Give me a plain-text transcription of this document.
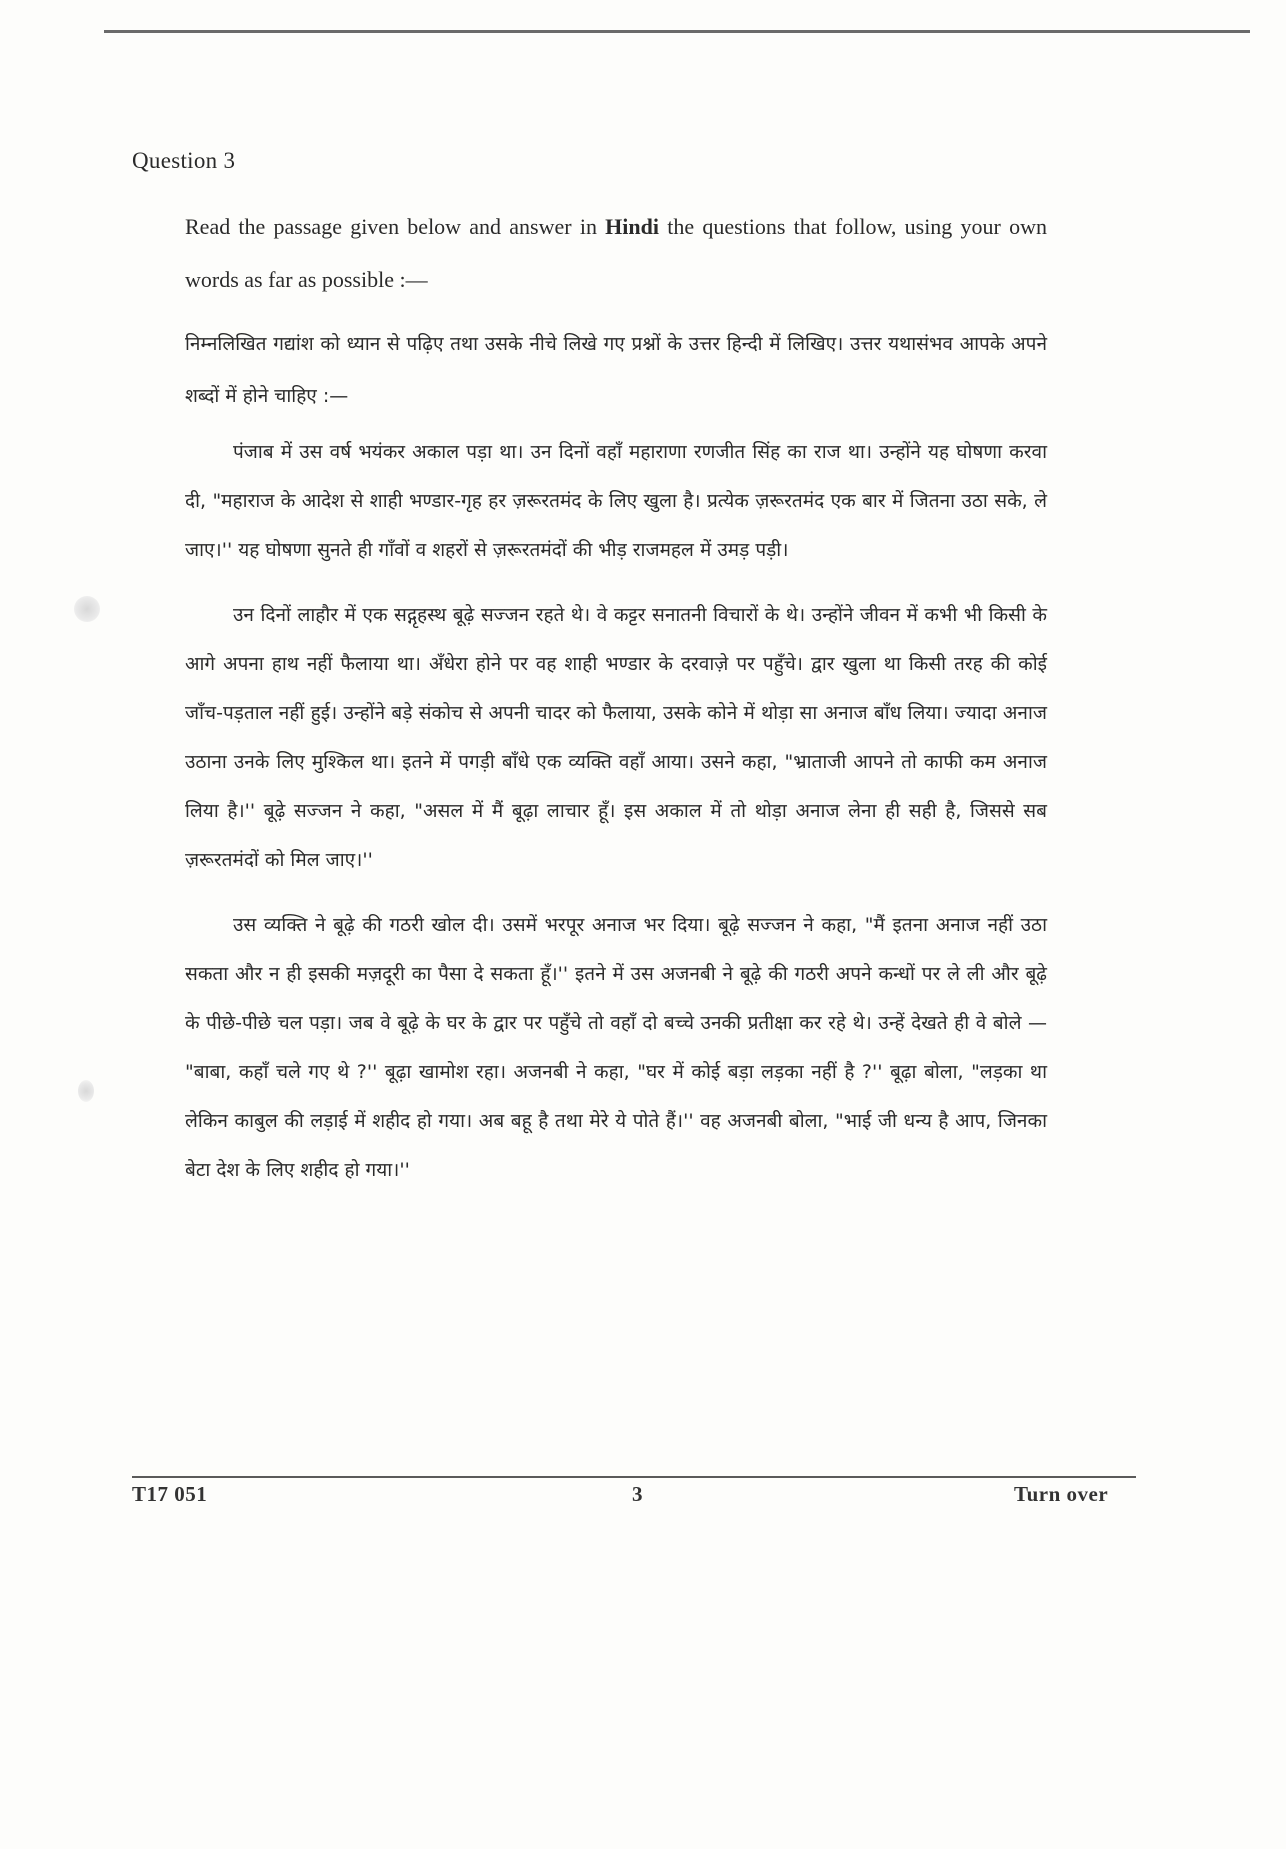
Question 3
Read the passage given below and answer in Hindi the questions that follow, using your own words as far as possible :—
निम्नलिखित गद्यांश को ध्यान से पढ़िए तथा उसके नीचे लिखे गए प्रश्नों के उत्तर हिन्दी में लिखिए। उत्तर यथासंभव आपके अपने शब्दों में होने चाहिए :—

पंजाब में उस वर्ष भयंकर अकाल पड़ा था। उन दिनों वहाँ महाराणा रणजीत सिंह का राज था। उन्होंने यह घोषणा करवा दी, "महाराज के आदेश से शाही भण्डार-गृह हर ज़रूरतमंद के लिए खुला है। प्रत्येक ज़रूरतमंद एक बार में जितना उठा सके, ले जाए।'' यह घोषणा सुनते ही गाँवों व शहरों से ज़रूरतमंदों की भीड़ राजमहल में उमड़ पड़ी।

उन दिनों लाहौर में एक सद्गृहस्थ बूढ़े सज्जन रहते थे। वे कट्टर सनातनी विचारों के थे। उन्होंने जीवन में कभी भी किसी के आगे अपना हाथ नहीं फैलाया था। अँधेरा होने पर वह शाही भण्डार के दरवाज़े पर पहुँचे। द्वार खुला था किसी तरह की कोई जाँच-पड़ताल नहीं हुई। उन्होंने बड़े संकोच से अपनी चादर को फैलाया, उसके कोने में थोड़ा सा अनाज बाँध लिया। ज्यादा अनाज उठाना उनके लिए मुश्किल था। इतने में पगड़ी बाँधे एक व्यक्ति वहाँ आया। उसने कहा, "भ्राताजी आपने तो काफी कम अनाज लिया है।'' बूढ़े सज्जन ने कहा, "असल में मैं बूढ़ा लाचार हूँ। इस अकाल में तो थोड़ा अनाज लेना ही सही है, जिससे सब ज़रूरतमंदों को मिल जाए।''

उस व्यक्ति ने बूढ़े की गठरी खोल दी। उसमें भरपूर अनाज भर दिया। बूढ़े सज्जन ने कहा, "मैं इतना अनाज नहीं उठा सकता और न ही इसकी मज़दूरी का पैसा दे सकता हूँ।'' इतने में उस अजनबी ने बूढ़े की गठरी अपने कन्धों पर ले ली और बूढ़े के पीछे-पीछे चल पड़ा। जब वे बूढ़े के घर के द्वार पर पहुँचे तो वहाँ दो बच्चे उनकी प्रतीक्षा कर रहे थे। उन्हें देखते ही वे बोले — "बाबा, कहाँ चले गए थे ?'' बूढ़ा खामोश रहा। अजनबी ने कहा, "घर में कोई बड़ा लड़का नहीं है ?'' बूढ़ा बोला, "लड़का था लेकिन काबुल की लड़ाई में शहीद हो गया। अब बहू है तथा मेरे ये पोते हैं।'' वह अजनबी बोला, "भाई जी धन्य है आप, जिनका बेटा देश के लिए शहीद हो गया।''

T17 051	3	Turn over
